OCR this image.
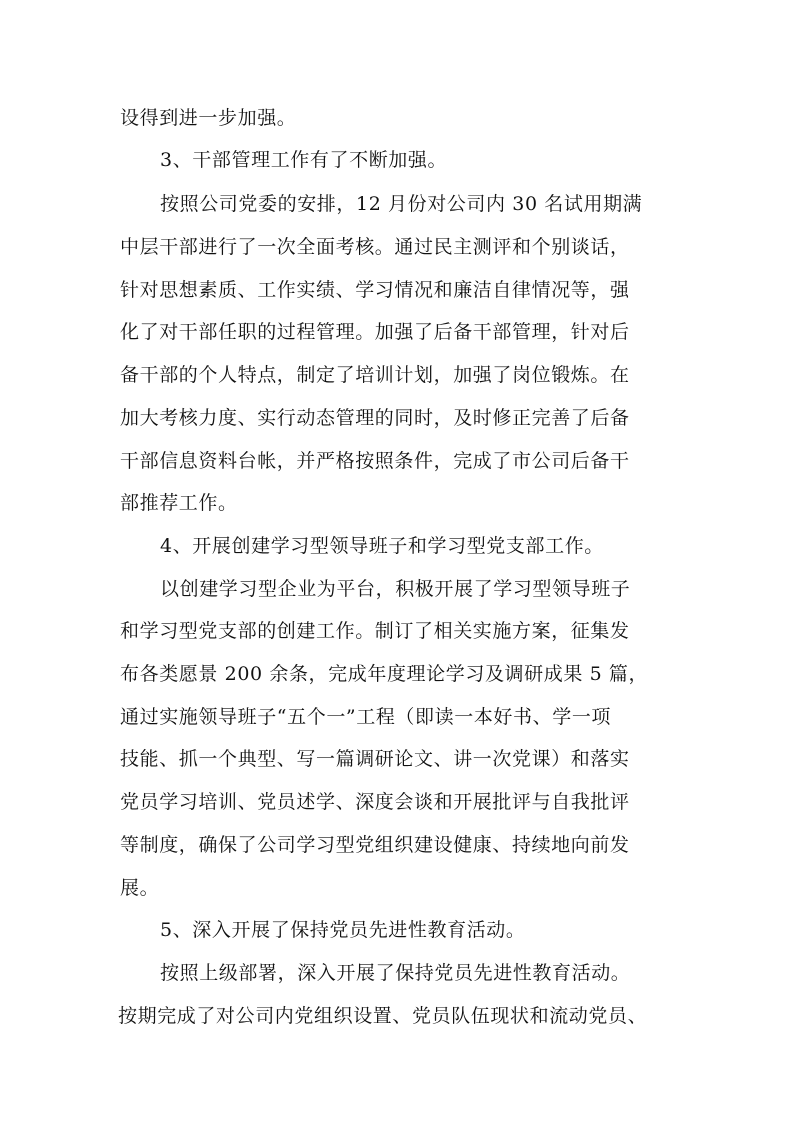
设得到进一步加强。
3、干部管理工作有了不断加强。
按照公司党委的安排，12 月份对公司内 30 名试用期满
中层干部进行了一次全面考核。通过民主测评和个别谈话，
针对思想素质、工作实绩、学习情况和廉洁自律情况等，强
化了对干部任职的过程管理。加强了后备干部管理，针对后
备干部的个人特点，制定了培训计划，加强了岗位锻炼。在
加大考核力度、实行动态管理的同时，及时修正完善了后备
干部信息资料台帐，并严格按照条件，完成了市公司后备干
部推荐工作。
4、开展创建学习型领导班子和学习型党支部工作。
以创建学习型企业为平台，积极开展了学习型领导班子
和学习型党支部的创建工作。制订了相关实施方案，征集发
布各类愿景 200 余条，完成年度理论学习及调研成果 5 篇，
通过实施领导班子“五个一”工程（即读一本好书、学一项
技能、抓一个典型、写一篇调研论文、讲一次党课）和落实
党员学习培训、党员述学、深度会谈和开展批评与自我批评
等制度，确保了公司学习型党组织建设健康、持续地向前发
展。
5、深入开展了保持党员先进性教育活动。
按照上级部署，深入开展了保持党员先进性教育活动。
按期完成了对公司内党组织设置、党员队伍现状和流动党员、
